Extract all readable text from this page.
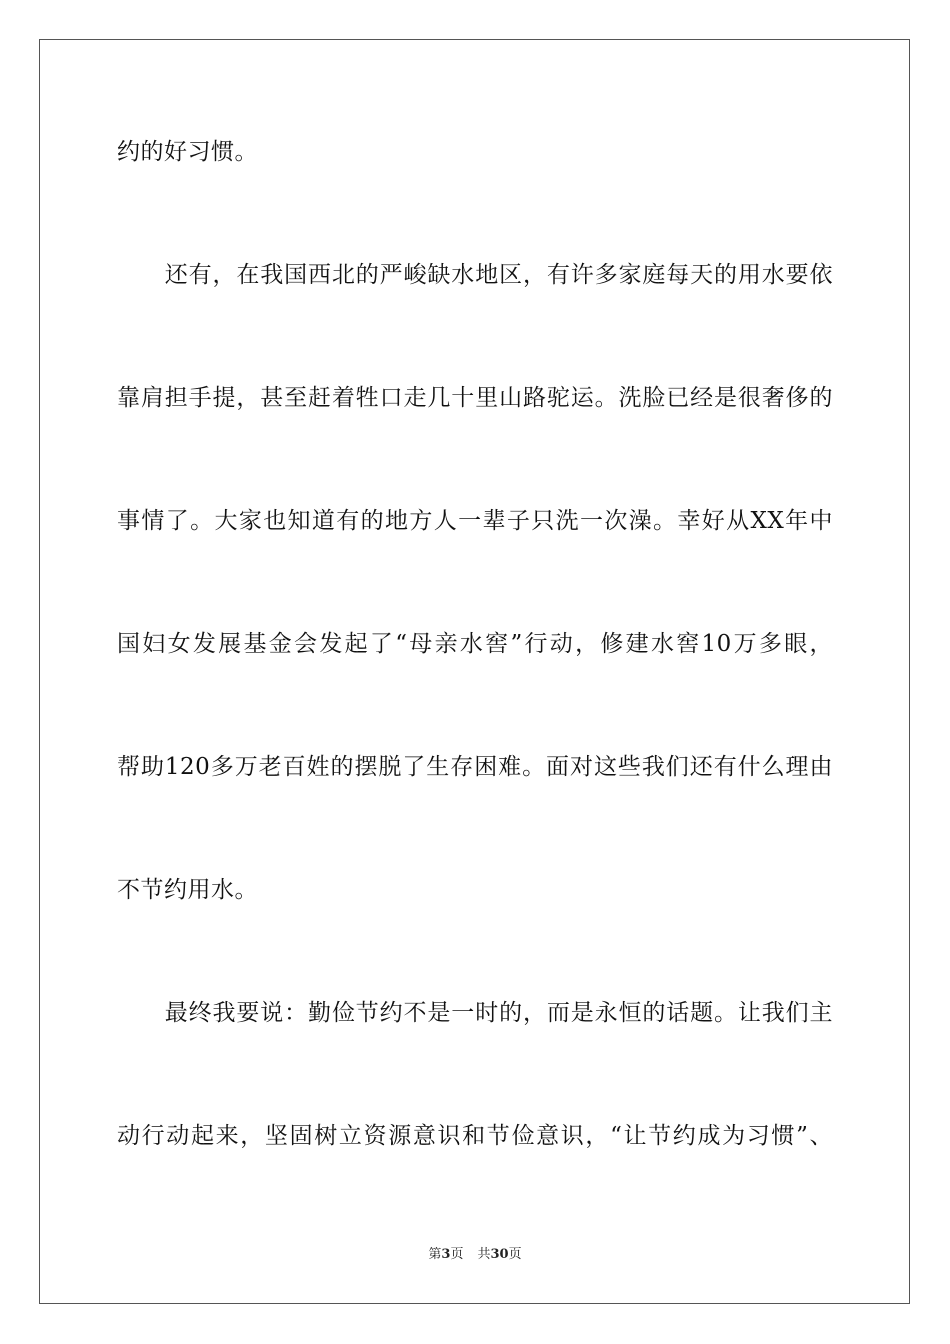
约的好习惯。
　　还有，在我国西北的严峻缺水地区，有许多家庭每天的用水要依
靠肩担手提，甚至赶着牲口走几十里山路驼运。洗脸已经是很奢侈的
事情了。大家也知道有的地方人一辈子只洗一次澡。幸好从XX年中
国妇女发展基金会发起了“母亲水窖”行动，修建水窖10万多眼，
帮助120多万老百姓的摆脱了生存困难。面对这些我们还有什么理由
不节约用水。
　　最终我要说：勤俭节约不是一时的，而是永恒的话题。让我们主
动行动起来，坚固树立资源意识和节俭意识，“让节约成为习惯”、
第3页 共30页
